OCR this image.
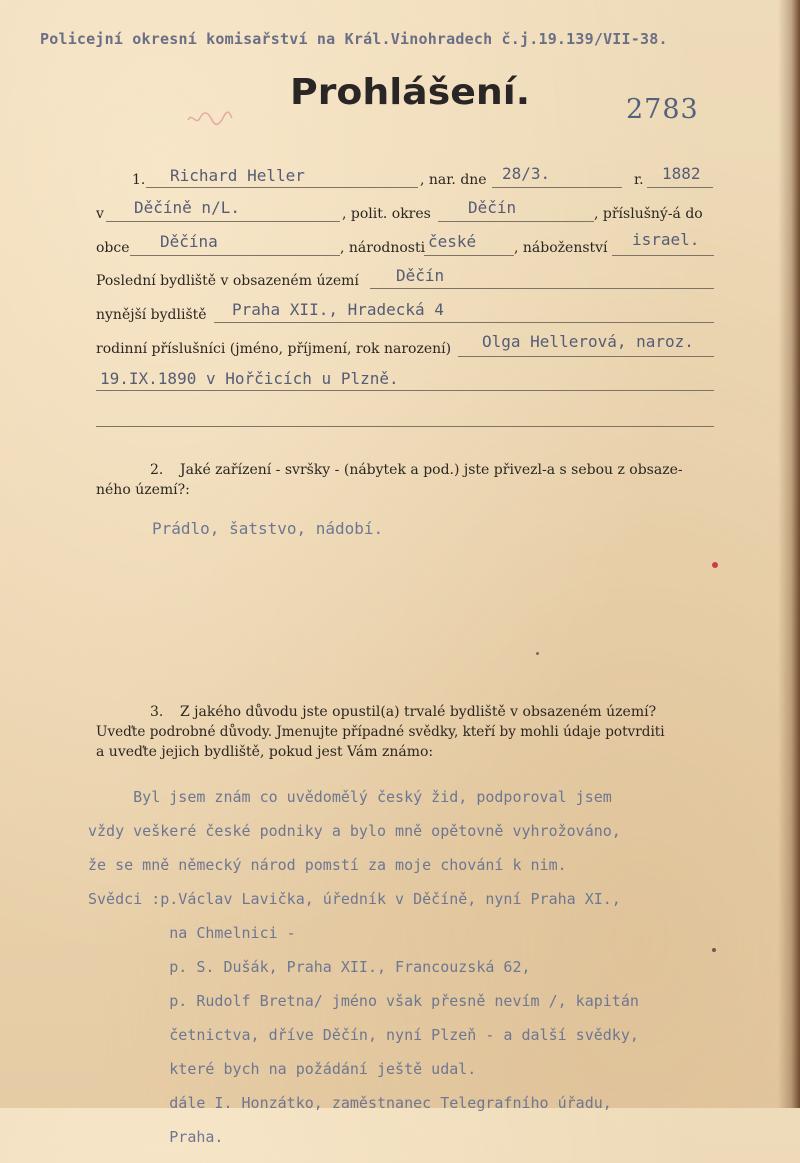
Policejní okresní komisařství na Král.Vinohradech č.j.19.139/VII-38.
Prohlášení.	2783
1. Richard Heller	, nar. dne 28/3.	r. 1882
v Děčíně n/L.	, polit. okres Děčín	, příslušný-á do
obce Děčína	, národnosti české	, náboženství israel.
Poslední bydliště v obsazeném území Děčín
nynější bydliště Praha XII., Hradecká 4
rodinní příslušníci (jméno, příjmení, rok narození) Olga Hellerová, naroz.
19.IX.1890 v Hořčicích u Plzně.
2. Jaké zařízení - svršky - (nábytek a pod.) jste přivezl-a s sebou z obsaze-
ného území?:
Prádlo, šatstvo, nádobí.
3. Z jakého důvodu jste opustil(a) trvalé bydliště v obsazeném území?
Uveďte podrobné důvody. Jmenujte případné svědky, kteří by mohli údaje potvrditi
a uveďte jejich bydliště, pokud jest Vám známo:

Byl jsem znám co uvědomělý český žid, podporoval jsem

vždy veškeré české podniky a bylo mně opětovně vyhrožováno,

že se mně německý národ pomstí za moje chování k nim.

Svědci :p.Václav Lavička, úředník v Děčíně, nyní Praha XI.,

na Chmelnici -

p. S. Dušák, Praha XII., Francouzská 62,

p. Rudolf Bretna/ jméno však přesně nevím /, kapitán

četnictva, dříve Děčín, nyní Plzeň - a další svědky,

které bych na požádání ještě udal.

dále I. Honzátko, zaměstnanec Telegrafního úřadu,

Praha.
